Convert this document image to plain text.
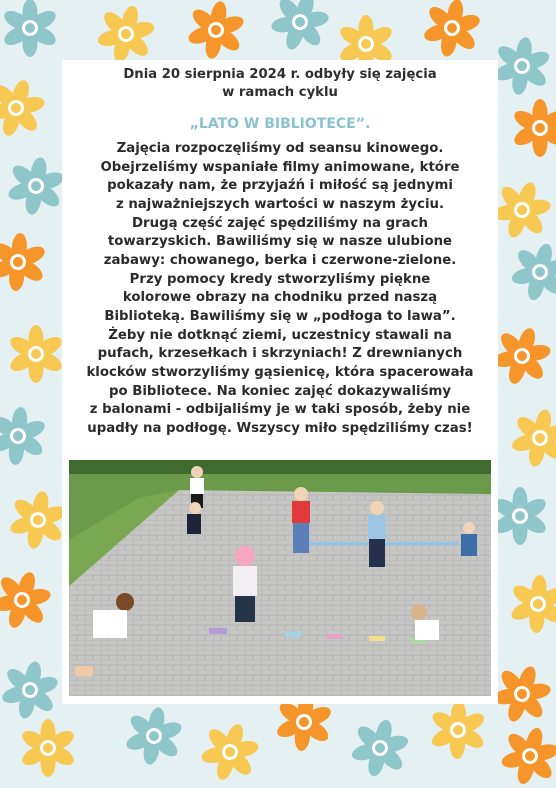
Dnia 20 sierpnia 2024 r. odbyły się zajęcia
w ramach cyklu
„LATO W BIBLIOTECE”.
Zajęcia rozpoczęliśmy od seansu kinowego.
Obejrzeliśmy wspaniałe filmy animowane, które
pokazały nam, że przyjaźń i miłość są jednymi
z najważniejszych wartości w naszym życiu.
Drugą część zajęć spędziliśmy na grach
towarzyskich. Bawiliśmy się w nasze ulubione
zabawy: chowanego, berka i czerwone-zielone.
Przy pomocy kredy stworzyliśmy piękne
kolorowe obrazy na chodniku przed naszą
Biblioteką. Bawiliśmy się w „podłoga to lawa”.
Żeby nie dotknąć ziemi, uczestnicy stawali na
pufach, krzesełkach i skrzyniach! Z drewnianych
klocków stworzyliśmy gąsienicę, która spacerowała
po Bibliotece. Na koniec zajęć dokazywaliśmy
z balonami - odbijaliśmy je w taki sposób, żeby nie
upadły na podłogę. Wszyscy miło spędziliśmy czas!
